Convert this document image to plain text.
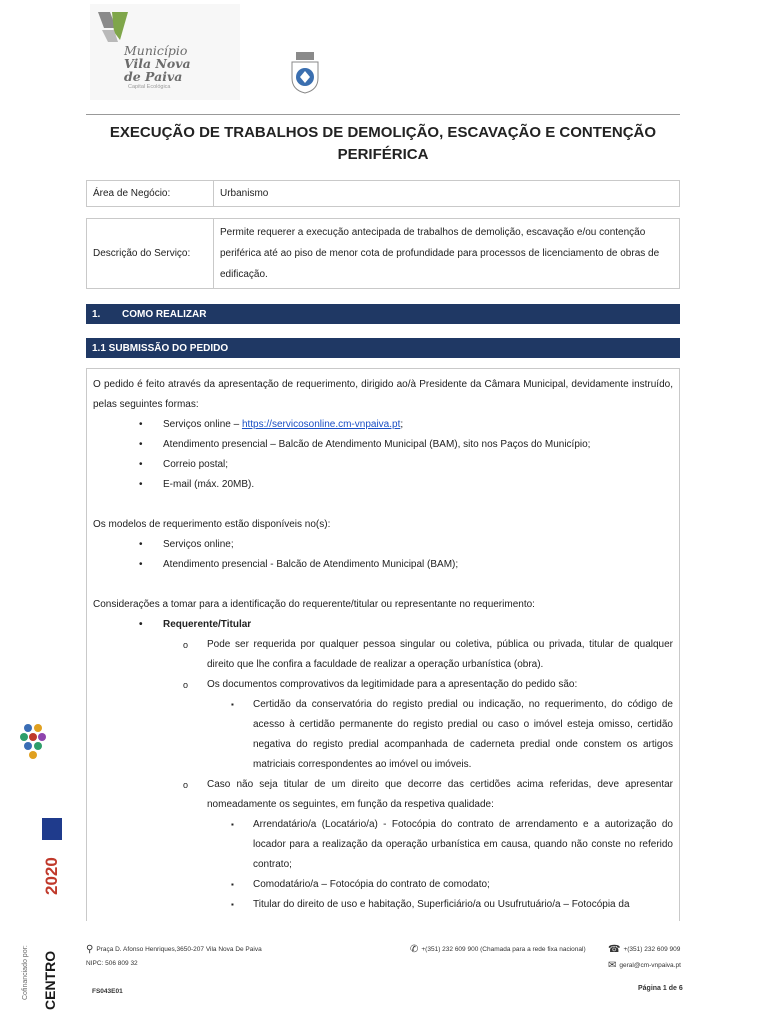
Município
Vila Nova
de Paiva
Capital Ecológica
EXECUÇÃO DE TRABALHOS DE DEMOLIÇÃO, ESCAVAÇÃO E CONTENÇÃO
PERIFÉRICA
Área de Negócio:	Urbanismo
Descrição do Serviço:	Permite requerer a execução antecipada de trabalhos de demolição, escavação e/ou contenção periférica até ao piso de menor cota de profundidade para processos de licenciamento de obras de edificação.
1. COMO REALIZAR
1.1 SUBMISSÃO DO PEDIDO

O pedido é feito através da apresentação de requerimento, dirigido ao/à Presidente da Câmara Municipal, devidamente instruído, pelas seguintes formas:

• Serviços online – https://servicosonline.cm-vnpaiva.pt;
• Atendimento presencial – Balcão de Atendimento Municipal (BAM), sito nos Paços do Município;
• Correio postal;
• E-mail (máx. 20MB).

Os modelos de requerimento estão disponíveis no(s):

• Serviços online;
• Atendimento presencial - Balcão de Atendimento Municipal (BAM);

Considerações a tomar para a identificação do requerente/titular ou representante no requerimento:

• Requerente/Titular
o Pode ser requerida por qualquer pessoa singular ou coletiva, pública ou privada, titular de qualquer direito que lhe confira a faculdade de realizar a operação urbanística (obra).
o Os documentos comprovativos da legitimidade para a apresentação do pedido são:
▪ Certidão da conservatória do registo predial ou indicação, no requerimento, do código de acesso à certidão permanente do registo predial ou caso o imóvel esteja omisso, certidão negativa do registo predial acompanhada de caderneta predial onde constem os artigos matriciais correspondentes ao imóvel ou imóveis.
o Caso não seja titular de um direito que decorre das certidões acima referidas, deve apresentar nomeadamente os seguintes, em função da respetiva qualidade:
▪ Arrendatário/a (Locatário/a) - Fotocópia do contrato de arrendamento e a autorização do locador para a realização da operação urbanística em causa, quando não conste no referido contrato;
▪ Comodatário/a – Fotocópia do contrato de comodato;
▪ Titular do direito de uso e habitação, Superficiário/a ou Usufrutuário/a – Fotocópia da
2020
CENTRO
Cofinanciado por:	⚲ Praça D. Afonso Henriques,3650-207 Vila Nova De Paiva
NIPC: 506 809 32
✆ +(351) 232 609 900 (Chamada para a rede fixa nacional) ☎ +(351) 232 609 909
✉ geral@cm-vnpaiva.pt
FS043E01	Página 1 de 6
